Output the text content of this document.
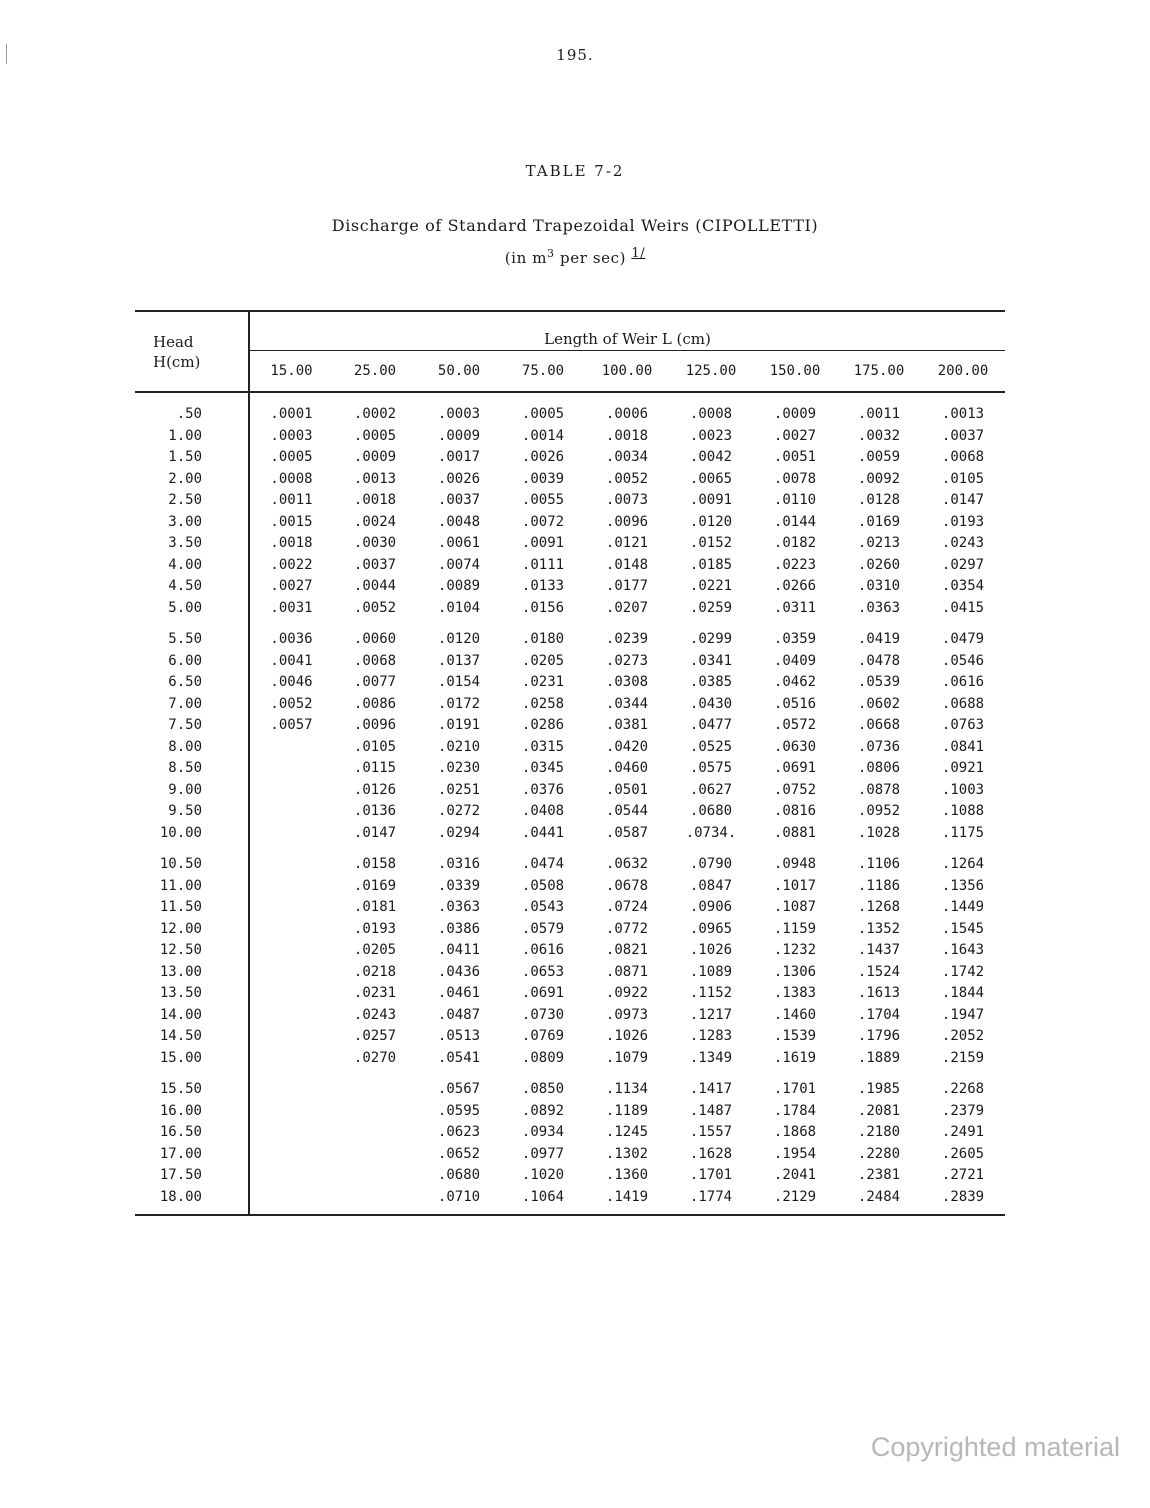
195.
TABLE 7-2
Discharge of Standard Trapezoidal Weirs (CIPOLLETTI)
(in $m^3$ per sec) 1/
Head
H(cm)	Length of Weir L (cm)								
	15.00	25.00	50.00	75.00	100.00	125.00	150.00	175.00	200.00

.50	.0001	.0002	.0003	.0005	.0006	.0008	.0009	.0011	.0013
1.00	.0003	.0005	.0009	.0014	.0018	.0023	.0027	.0032	.0037
1.50	.0005	.0009	.0017	.0026	.0034	.0042	.0051	.0059	.0068
2.00	.0008	.0013	.0026	.0039	.0052	.0065	.0078	.0092	.0105
2.50	.0011	.0018	.0037	.0055	.0073	.0091	.0110	.0128	.0147
3.00	.0015	.0024	.0048	.0072	.0096	.0120	.0144	.0169	.0193
3.50	.0018	.0030	.0061	.0091	.0121	.0152	.0182	.0213	.0243
4.00	.0022	.0037	.0074	.0111	.0148	.0185	.0223	.0260	.0297
4.50	.0027	.0044	.0089	.0133	.0177	.0221	.0266	.0310	.0354
5.00	.0031	.0052	.0104	.0156	.0207	.0259	.0311	.0363	.0415
5.50	.0036	.0060	.0120	.0180	.0239	.0299	.0359	.0419	.0479
6.00	.0041	.0068	.0137	.0205	.0273	.0341	.0409	.0478	.0546
6.50	.0046	.0077	.0154	.0231	.0308	.0385	.0462	.0539	.0616
7.00	.0052	.0086	.0172	.0258	.0344	.0430	.0516	.0602	.0688
7.50	.0057	.0096	.0191	.0286	.0381	.0477	.0572	.0668	.0763
8.00		.0105	.0210	.0315	.0420	.0525	.0630	.0736	.0841
8.50		.0115	.0230	.0345	.0460	.0575	.0691	.0806	.0921
9.00		.0126	.0251	.0376	.0501	.0627	.0752	.0878	.1003
9.50		.0136	.0272	.0408	.0544	.0680	.0816	.0952	.1088
10.00		.0147	.0294	.0441	.0587	.0734.	.0881	.1028	.1175
10.50		.0158	.0316	.0474	.0632	.0790	.0948	.1106	.1264
11.00		.0169	.0339	.0508	.0678	.0847	.1017	.1186	.1356
11.50		.0181	.0363	.0543	.0724	.0906	.1087	.1268	.1449
12.00		.0193	.0386	.0579	.0772	.0965	.1159	.1352	.1545
12.50		.0205	.0411	.0616	.0821	.1026	.1232	.1437	.1643
13.00		.0218	.0436	.0653	.0871	.1089	.1306	.1524	.1742
13.50		.0231	.0461	.0691	.0922	.1152	.1383	.1613	.1844
14.00		.0243	.0487	.0730	.0973	.1217	.1460	.1704	.1947
14.50		.0257	.0513	.0769	.1026	.1283	.1539	.1796	.2052
15.00		.0270	.0541	.0809	.1079	.1349	.1619	.1889	.2159
15.50			.0567	.0850	.1134	.1417	.1701	.1985	.2268
16.00			.0595	.0892	.1189	.1487	.1784	.2081	.2379
16.50			.0623	.0934	.1245	.1557	.1868	.2180	.2491
17.00			.0652	.0977	.1302	.1628	.1954	.2280	.2605
17.50			.0680	.1020	.1360	.1701	.2041	.2381	.2721
18.00			.0710	.1064	.1419	.1774	.2129	.2484	.2839
Copyrighted material
